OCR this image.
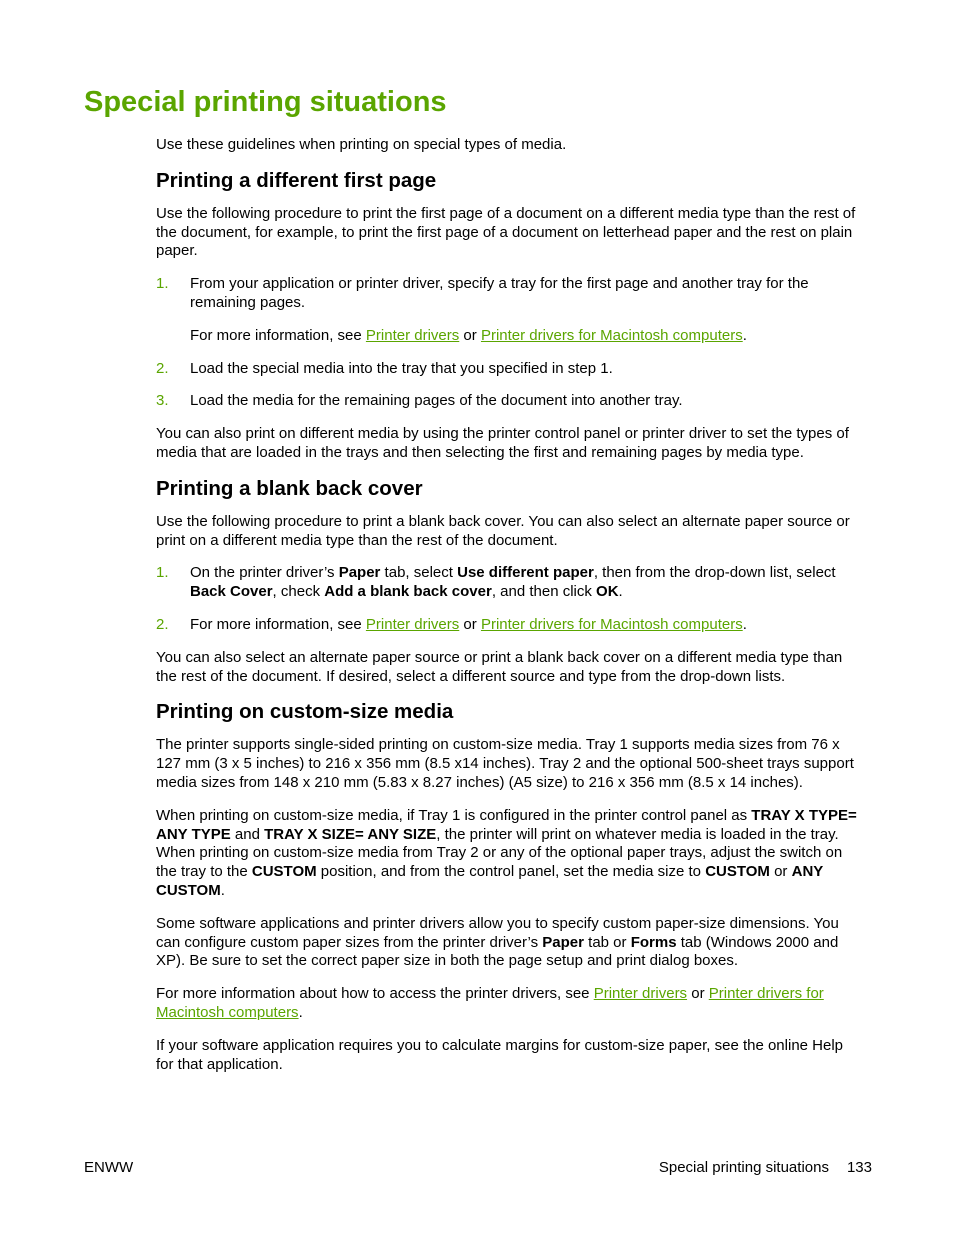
Special printing situations

Use these guidelines when printing on special types of media.

Printing a different first page

Use the following procedure to print the first page of a document on a different media type than the rest of the document, for example, to print the first page of a document on letterhead paper and the rest on plain paper.

1. From your application or printer driver, specify a tray for the first page and another tray for the remaining pages.

For more information, see Printer drivers or Printer drivers for Macintosh computers.

2. Load the special media into the tray that you specified in step 1.

3. Load the media for the remaining pages of the document into another tray.

You can also print on different media by using the printer control panel or printer driver to set the types of media that are loaded in the trays and then selecting the first and remaining pages by media type.

Printing a blank back cover

Use the following procedure to print a blank back cover. You can also select an alternate paper source or print on a different media type than the rest of the document.

1. On the printer driver’s Paper tab, select Use different paper, then from the drop-down list, select Back Cover, check Add a blank back cover, and then click OK.

2. For more information, see Printer drivers or Printer drivers for Macintosh computers.

You can also select an alternate paper source or print a blank back cover on a different media type than the rest of the document. If desired, select a different source and type from the drop-down lists.

Printing on custom-size media

The printer supports single-sided printing on custom-size media. Tray 1 supports media sizes from 76 x 127 mm (3 x 5 inches) to 216 x 356 mm (8.5 x14 inches). Tray 2 and the optional 500-sheet trays support media sizes from 148 x 210 mm (5.83 x 8.27 inches) (A5 size) to 216 x 356 mm (8.5 x 14 inches).

When printing on custom-size media, if Tray 1 is configured in the printer control panel as TRAY X TYPE= ANY TYPE and TRAY X SIZE= ANY SIZE, the printer will print on whatever media is loaded in the tray. When printing on custom-size media from Tray 2 or any of the optional paper trays, adjust the switch on the tray to the CUSTOM position, and from the control panel, set the media size to CUSTOM or ANY CUSTOM.

Some software applications and printer drivers allow you to specify custom paper-size dimensions. You can configure custom paper sizes from the printer driver’s Paper tab or Forms tab (Windows 2000 and XP). Be sure to set the correct paper size in both the page setup and print dialog boxes.

For more information about how to access the printer drivers, see Printer drivers or Printer drivers for Macintosh computers.

If your software application requires you to calculate margins for custom-size paper, see the online Help for that application.

ENWW	Special printing situations 133
